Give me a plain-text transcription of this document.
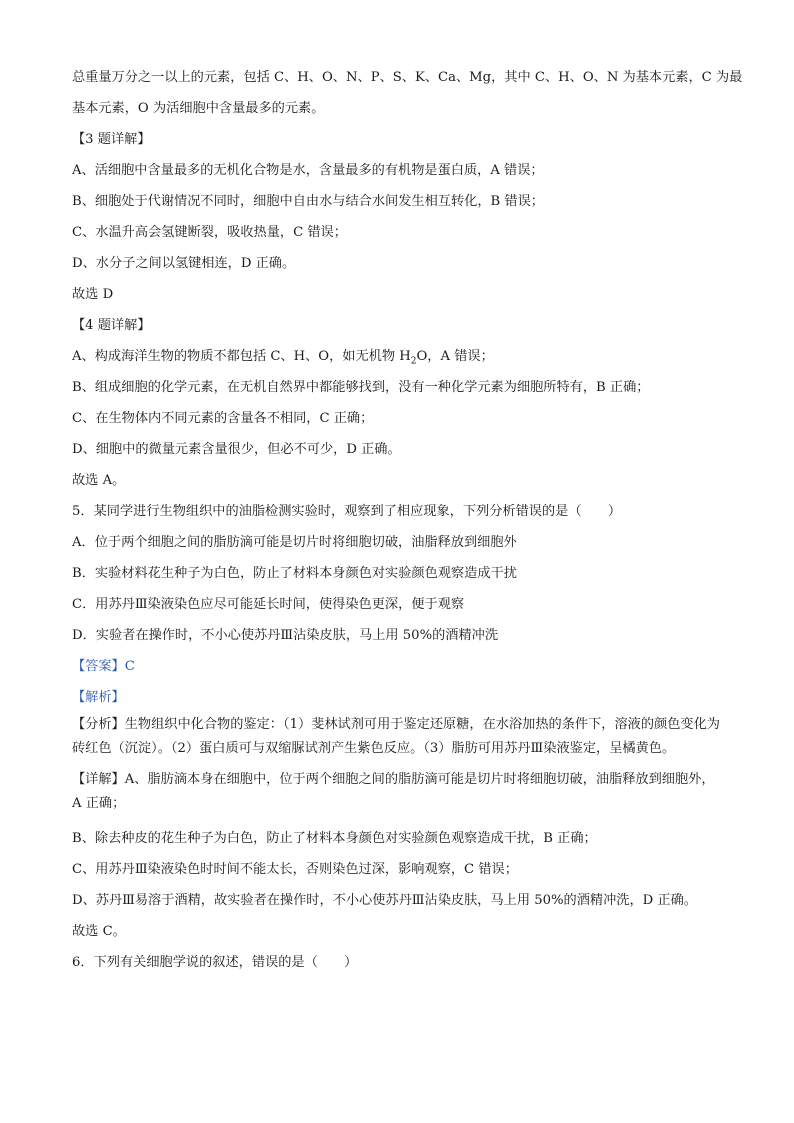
总重量万分之一以上的元素，包括 C、H、O、N、P、S、K、Ca、Mg，其中 C、H、O、N 为基本元素，C 为最
基本元素，O 为活细胞中含量最多的元素。
【3 题详解】
A、活细胞中含量最多的无机化合物是水，含量最多的有机物是蛋白质，A 错误；
B、细胞处于代谢情况不同时，细胞中自由水与结合水间发生相互转化，B 错误；
C、水温升高会氢键断裂，吸收热量，C 错误；
D、水分子之间以氢键相连，D 正确。
故选 D
【4 题详解】
A、构成海洋生物的物质不都包括 C、H、O，如无机物 $H_2O$，A 错误；
B、组成细胞的化学元素，在无机自然界中都能够找到，没有一种化学元素为细胞所特有，B 正确；
C、在生物体内不同元素的含量各不相同，C 正确；
D、细胞中的微量元素含量很少，但必不可少，D 正确。
故选 A。
5．某同学进行生物组织中的油脂检测实验时，观察到了相应现象，下列分析错误的是（　　）
A．位于两个细胞之间的脂肪滴可能是切片时将细胞切破，油脂释放到细胞外
B．实验材料花生种子为白色，防止了材料本身颜色对实验颜色观察造成干扰
C．用苏丹Ⅲ染液染色应尽可能延长时间，使得染色更深，便于观察
D．实验者在操作时，不小心使苏丹Ⅲ沾染皮肤，马上用 50%的酒精冲洗
【答案】C
【解析】
【分析】生物组织中化合物的鉴定：（1）斐林试剂可用于鉴定还原糖，在水浴加热的条件下，溶液的颜色变化为砖红色（沉淀）。（2）蛋白质可与双缩脲试剂产生紫色反应。（3）脂肪可用苏丹Ⅲ染液鉴定，呈橘黄色。
【详解】A、脂肪滴本身在细胞中，位于两个细胞之间的脂肪滴可能是切片时将细胞切破，油脂释放到细胞外，A 正确；
B、除去种皮的花生种子为白色，防止了材料本身颜色对实验颜色观察造成干扰，B 正确；
C、用苏丹Ⅲ染液染色时时间不能太长，否则染色过深，影响观察，C 错误；
D、苏丹Ⅲ易溶于酒精，故实验者在操作时，不小心使苏丹Ⅲ沾染皮肤，马上用 50%的酒精冲洗，D 正确。
故选 C。
6．下列有关细胞学说的叙述，错误的是（　　）
